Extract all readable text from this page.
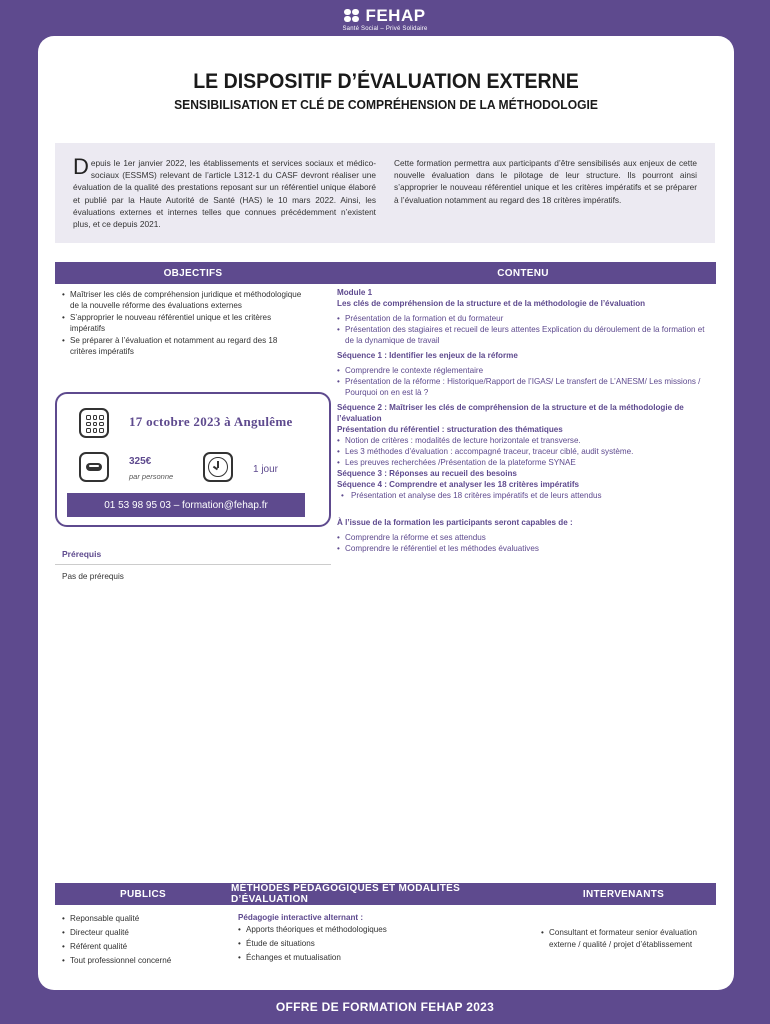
FEHAP
Santé Social – Privé Solidaire
LE DISPOSITIF D’ÉVALUATION EXTERNE
SENSIBILISATION ET CLÉ DE COMPRÉHENSION DE LA MÉTHODOLOGIE
Depuis le 1er janvier 2022, les établissements et services sociaux et médico-sociaux (ESSMS) relevant de l’article L312-1 du CASF devront réaliser une évaluation de la qualité des prestations reposant sur un référentiel unique élaboré et publié par la Haute Autorité de Santé (HAS) le 10 mars 2022. Ainsi, les évaluations externes et internes telles que connues précédemment n’existent plus, et ce depuis 2021.
Cette formation permettra aux participants d’être sensibilisés aux enjeux de cette nouvelle évaluation dans le pilotage de leur structure. Ils pourront ainsi s’approprier le nouveau référentiel unique et les critères impératifs et se préparer à l’évaluation notamment au regard des 18 critères impératifs.
OBJECTIFS
• Maîtriser les clés de compréhension juridique et méthodologique de la nouvelle réforme des évaluations externes
• S’approprier le nouveau référentiel unique et les critères impératifs
• Se préparer à l’évaluation et notamment au regard des 18 critères impératifs
17 octobre 2023 à Angulême
325€
par personne
1 jour
01 53 98 95 03 – formation@fehap.fr
Prérequis
Pas de prérequis
CONTENU
Module 1
Les clés de compréhension de la structure et de la méthodologie de l’évaluation
• Présentation de la formation et du formateur
• Présentation des stagiaires et recueil de leurs attentes Explication du déroulement de la formation et de la dynamique de travail
Séquence 1 : Identifier les enjeux de la réforme
• Comprendre le contexte réglementaire
• Présentation de la réforme : Historique/Rapport de l’IGAS/ Le transfert de L’ANESM/ Les missions / Pourquoi on en est là ?
Séquence 2 : Maîtriser les clés de compréhension de la structure et de la méthodologie de l’évaluation
Présentation du référentiel : structuration des thématiques
• Notion de critères : modalités de lecture horizontale et transverse.
• Les 3 méthodes d’évaluation : accompagné traceur, traceur ciblé, audit système.
• Les preuves recherchées /Présentation de la plateforme SYNAE
Séquence 3 : Réponses au recueil des besoins
Séquence 4 : Comprendre et analyser les 18 critères impératifs
• Présentation et analyse des 18 critères impératifs et de leurs attendus
À l’issue de la formation les participants seront capables de :
• Comprendre la réforme et ses attendus
• Comprendre le référentiel et les méthodes évaluatives
PUBLICS	MÉTHODES PÉDAGOGIQUES ET MODALITÉS D’ÉVALUATION	INTERVENANTS
• Reponsable qualité
• Directeur qualité
• Référent qualité
• Tout professionnel concerné
Pédagogie interactive alternant :
• Apports théoriques et méthodologiques
• Étude de situations
• Échanges et mutualisation
• Consultant et formateur senior évaluation externe / qualité / projet d’établissement
OFFRE DE FORMATION FEHAP 2023
